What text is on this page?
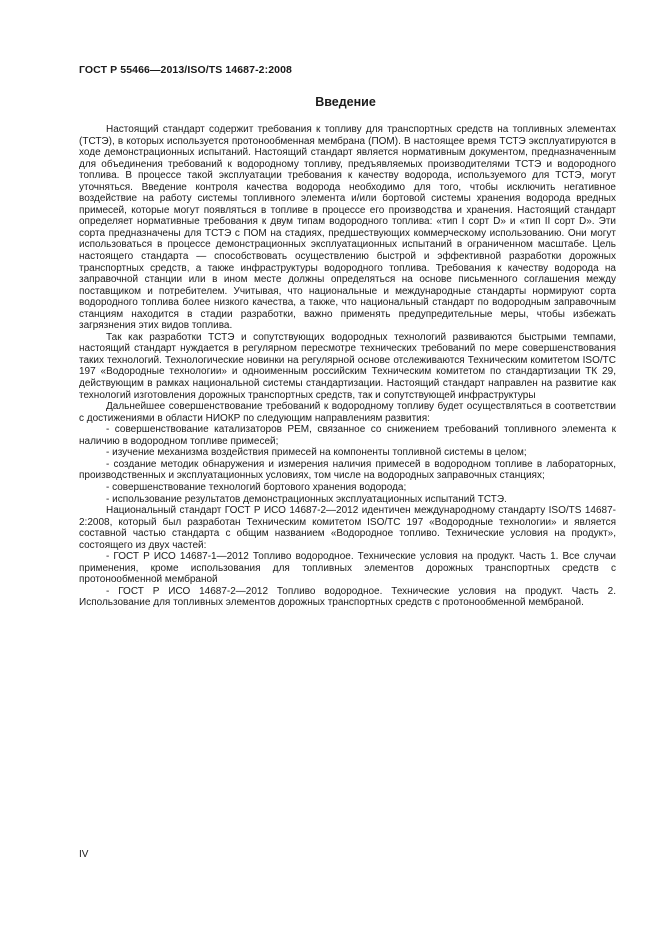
ГОСТ Р 55466—2013/ISO/TS 14687-2:2008
Введение

Настоящий стандарт содержит требования к топливу для транспортных средств на топливных элементах (ТСТЭ), в которых используется протонообменная мембрана (ПОМ). В настоящее время ТСТЭ эксплуатируются в ходе демонстрационных испытаний. Настоящий стандарт является нормативным документом, предназначенным для объединения требований к водородному топливу, предъявляемых производителями ТСТЭ и водородного топлива. В процессе такой эксплуатации требования к качеству водорода, используемого для ТСТЭ, могут уточняться. Введение контроля качества водорода необходимо для того, чтобы исключить негативное воздействие на работу системы топливного элемента и/или бортовой системы хранения водорода вредных примесей, которые могут появляться в топливе в процессе его производства и хранения. Настоящий стандарт определяет нормативные требования к двум типам водородного топлива: «тип I сорт D» и «тип II сорт D». Эти сорта предназначены для ТСТЭ с ПОМ на стадиях, предшествующих коммерческому использованию. Они могут использоваться в процессе демонстрационных эксплуатационных испытаний в ограниченном масштабе. Цель настоящего стандарта — способствовать осуществлению быстрой и эффективной разработки дорожных транспортных средств, а также инфраструктуры водородного топлива. Требования к качеству водорода на заправочной станции или в ином месте должны определяться на основе письменного соглашения между поставщиком и потребителем. Учитывая, что национальные и международные стандарты нормируют сорта водородного топлива более низкого качества, а также, что национальный стандарт по водородным заправочным станциям находится в стадии разработки, важно применять предупредительные меры, чтобы избежать загрязнения этих видов топлива.

Так как разработки ТСТЭ и сопутствующих водородных технологий развиваются быстрыми темпами, настоящий стандарт нуждается в регулярном пересмотре технических требований по мере совершенствования таких технологий. Технологические новинки на регулярной основе отслеживаются Техническим комитетом ISO/TC 197 «Водородные технологии» и одноименным российским Техническим комитетом по стандартизации ТК 29, действующим в рамках национальной системы стандартизации. Настоящий стандарт направлен на развитие как технологий изготовления дорожных транспортных средств, так и сопутствующей инфраструктуры

Дальнейшее совершенствование требований к водородному топливу будет осуществляться в соответствии с достижениями в области НИОКР по следующим направлениям развития:

- совершенствование катализаторов РЕМ, связанное со снижением требований топливного элемента к наличию в водородном топливе примесей;

- изучение механизма воздействия примесей на компоненты топливной системы в целом;

- создание методик обнаружения и измерения наличия примесей в водородном топливе в лабораторных, производственных и эксплуатационных условиях, том числе на водородных заправочных станциях;

- совершенствование технологий бортового хранения водорода;

- использование результатов демонстрационных эксплуатационных испытаний ТСТЭ.

Национальный стандарт ГОСТ Р ИСО 14687-2—2012 идентичен международному стандарту ISO/TS 14687-2:2008, который был разработан Техническим комитетом ISO/TC 197 «Водородные технологии» и является составной частью стандарта с общим названием «Водородное топливо. Технические условия на продукт», состоящего из двух частей:

- ГОСТ Р ИСО 14687-1—2012 Топливо водородное. Технические условия на продукт. Часть 1. Все случаи применения, кроме использования для топливных элементов дорожных транспортных средств с протонообменной мембраной

- ГОСТ Р ИСО 14687-2—2012 Топливо водородное. Технические условия на продукт. Часть 2. Использование для топливных элементов дорожных транспортных средств с протонообменной мембраной.

IV
